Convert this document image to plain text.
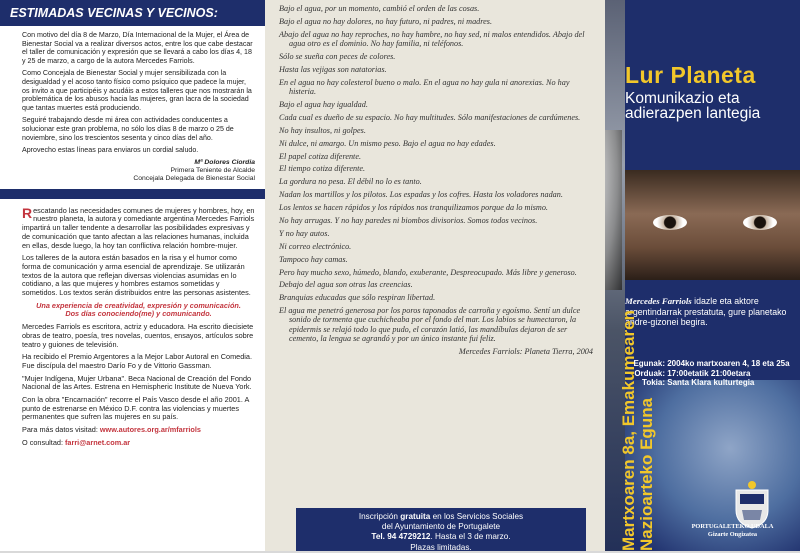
ESTIMADAS VECINAS Y VECINOS:

Con motivo del día 8 de Marzo, Día Internacional de la Mujer, el Área de Bienestar Social va a realizar diversos actos, entre los que cabe destacar el taller de comunicación y expresión que se llevará a cabo los días 4, 18 y 25 de marzo, a cargo de la autora Mercedes Farriols.

Como Concejala de Bienestar Social y mujer sensibilizada con la desigualdad y el acoso tanto físico como psíquico que padece la mujer, os invito a que participéis y acudáis a estos talleres que nos mostrarán la problemática de los abusos hacia las mujeres, gran lacra de la sociedad que tantas muertes está produciendo.

Seguiré trabajando desde mi área con actividades conducentes a solucionar este gran problema, no sólo los días 8 de marzo o 25 de noviembre, sino los trescientos sesenta y cinco días del año.

Aprovecho estas líneas para enviaros un cordial saludo.

Mª Dolores Ciordia
Primera Teniente de Alcalde
Concejala Delegada de Bienestar Social

Rescatando las necesidades comunes de mujeres y hombres, hoy, en nuestro planeta, la autora y comediante argentina Mercedes Farriols impartirá un taller tendente a desarrollar las posibilidades expresivas y de comunicación que tanto afectan a las relaciones humanas, incluida en ellas, desde luego, la hoy tan conflictiva relación hombre-mujer.

Los talleres de la autora están basados en la risa y el humor como forma de comunicación y arma esencial de aprendizaje. Se utilizarán textos de la autora que reflejan diversas violencias asumidas en lo cotidiano, a las que mujeres y hombres estamos sometidas y sometidos. Los textos serán distribuidos entre las personas asistentes.

Una experiencia de creatividad, expresión y comunicación.
Dos días conociendo(me) y comunicando.

Mercedes Farriols es escritora, actriz y educadora. Ha escrito diecisiete obras de teatro, poesía, tres novelas, cuentos, ensayos, artículos sobre teatro y guiones de televisión.

Ha recibido el Premio Argentores a la Mejor Labor Autoral en Comedia. Fue discípula del maestro Darío Fo y de Vittorio Gassman.

"Mujer Indígena, Mujer Urbana". Beca Nacional de Creación del Fondo Nacional de las Artes. Estrena en Hemispheric Institute de Nueva York.

Con la obra "Encarnación" recorre el País Vasco desde el año 2001. A punto de estrenarse en México D.F. contra las violencias y muertes permanentes que sufren las mujeres en su país.

Para más datos visitad: www.autores.org.ar/mfarriols

O consultad: farri@arnet.com.ar

Bajo el agua, por un momento, cambió el orden de las cosas.

Bajo el agua no hay dolores, no hay futuro, ni padres, ni madres.

Abajo del agua no hay reproches, no hay hambre, no hay sed, ni malos entendidos. Abajo del agua otro es el dominio. No hay familia, ni teléfonos.

Sólo se sueña con peces de colores.

Hasta las vejigas son natatorias.

En el agua no hay colesterol bueno o malo. En el agua no hay gula ni anorexias. No hay histeria.

Bajo el agua hay igualdad.

Cada cual es dueño de su espacio. No hay multitudes. Sólo manifestaciones de cardúmenes.

No hay insultos, ni golpes.

Ni dulce, ni amargo. Un mismo peso. Bajo el agua no hay edades.

El papel cotiza diferente.

El tiempo cotiza diferente.

La gordura no pesa. El débil no lo es tanto.

Nadan los martillos y los pilotos. Los espadas y los cofres. Hasta los voladores nadan.

Los lentos se hacen rápidos y los rápidos nos tranquilizamos porque da lo mismo.

No hay arrugas. Y no hay paredes ni biombos divisorios. Somos todos vecinos.

Y no hay autos.

Ni correo electrónico.

Tampoco hay camas.

Pero hay mucho sexo, húmedo, blando, exuberante, Despreocupado. Más libre y generoso.

Debajo del agua son otras las creencias.

Branquias educadas que sólo respiran libertad.

El agua me penetró generosa por los poros taponados de carroña y egoísmo. Sentí un dulce sonido de tormenta que cuchicheaba por el fondo del mar. Los labios se humectaron, la epidermis se relajó todo lo que pudo, el corazón latió, las mandíbulas dejaron de ser cemento, la lengua se agrandó y por un único instante fui feliz.

Mercedes Farriols: Planeta Tierra, 2004

Inscripción gratuita en los Servicios Sociales
del Ayuntamiento de Portugalete
Tel. 94 4729212. Hasta el 3 de marzo.
Plazas limitadas.
Lur Planeta
Komunikazio eta adierazpen lantegia
Mercedes Farriols idazle eta aktore argentindarrak prestatuta, gure planetako andre-gizonei begira.
Egunak: 2004ko martxoaren 4, 18 eta 25a
Orduak: 17:00etatik 21:00etara
Tokia: Santa Klara kulturtegia
Martxoaren 8a, Emakumearen Nazioarteko Eguna	PORTUGALETEKO UDALA
Gizarte Ongizatea
